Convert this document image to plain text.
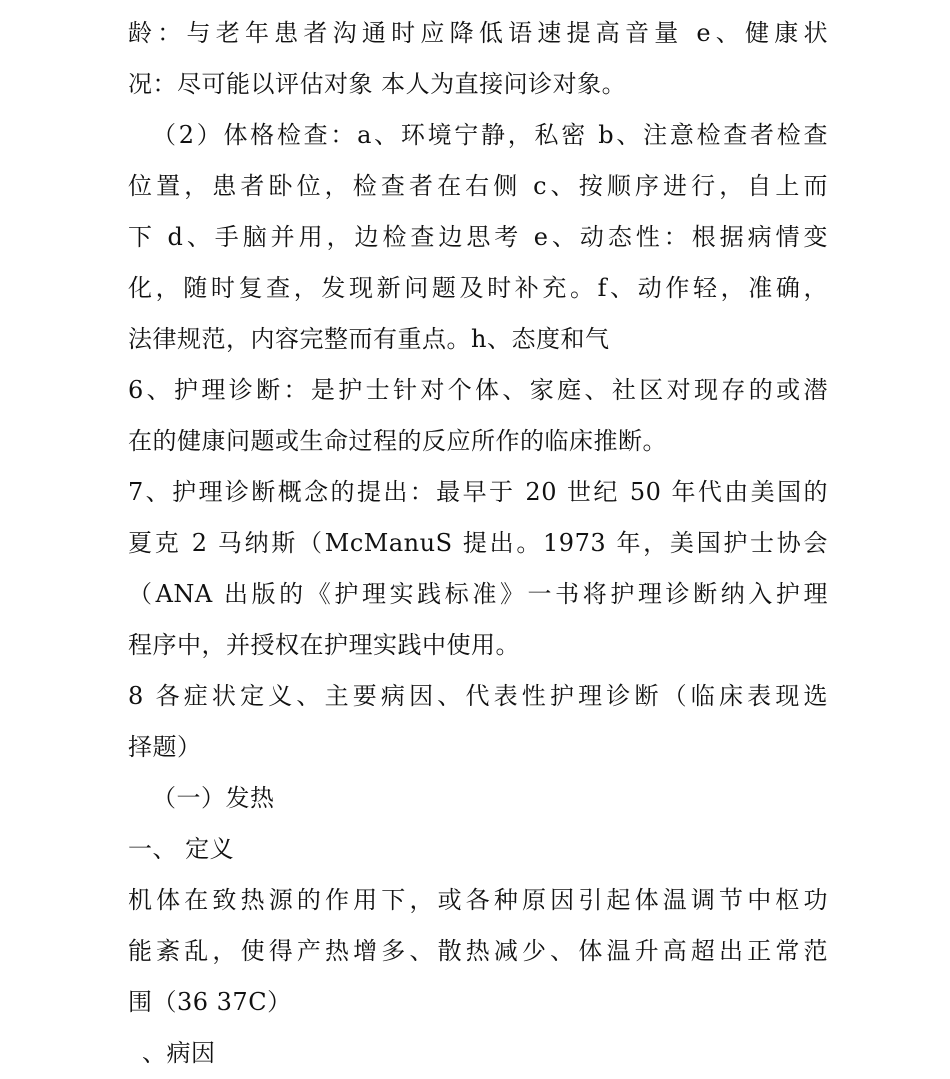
龄：与老年患者沟通时应降低语速提高音量 e、健康状
况：尽可能以评估对象 本人为直接问诊对象。
（2）体格检查：a、环境宁静，私密 b、注意检查者检查
位置，患者卧位，检查者在右侧 c、按顺序进行，自上而
下 d、手脑并用，边检查边思考 e、动态性：根据病情变
化，随时复查，发现新问题及时补充。f、动作轻，准确，
法律规范，内容完整而有重点。h、态度和气
6、护理诊断：是护士针对个体、家庭、社区对现存的或潜
在的健康问题或生命过程的反应所作的临床推断。
7、护理诊断概念的提出：最早于 20 世纪 50 年代由美国的
夏克 2 马纳斯（McManuS 提出。1973 年，美国护士协会
（ANA 出版的《护理实践标准》一书将护理诊断纳入护理
程序中，并授权在护理实践中使用。
8 各症状定义、主要病因、代表性护理诊断（临床表现选
择题）
（一）发热
一、 定义
机体在致热源的作用下，或各种原因引起体温调节中枢功
能紊乱，使得产热增多、散热减少、体温升高超出正常范
围（36 37C）
、病因
